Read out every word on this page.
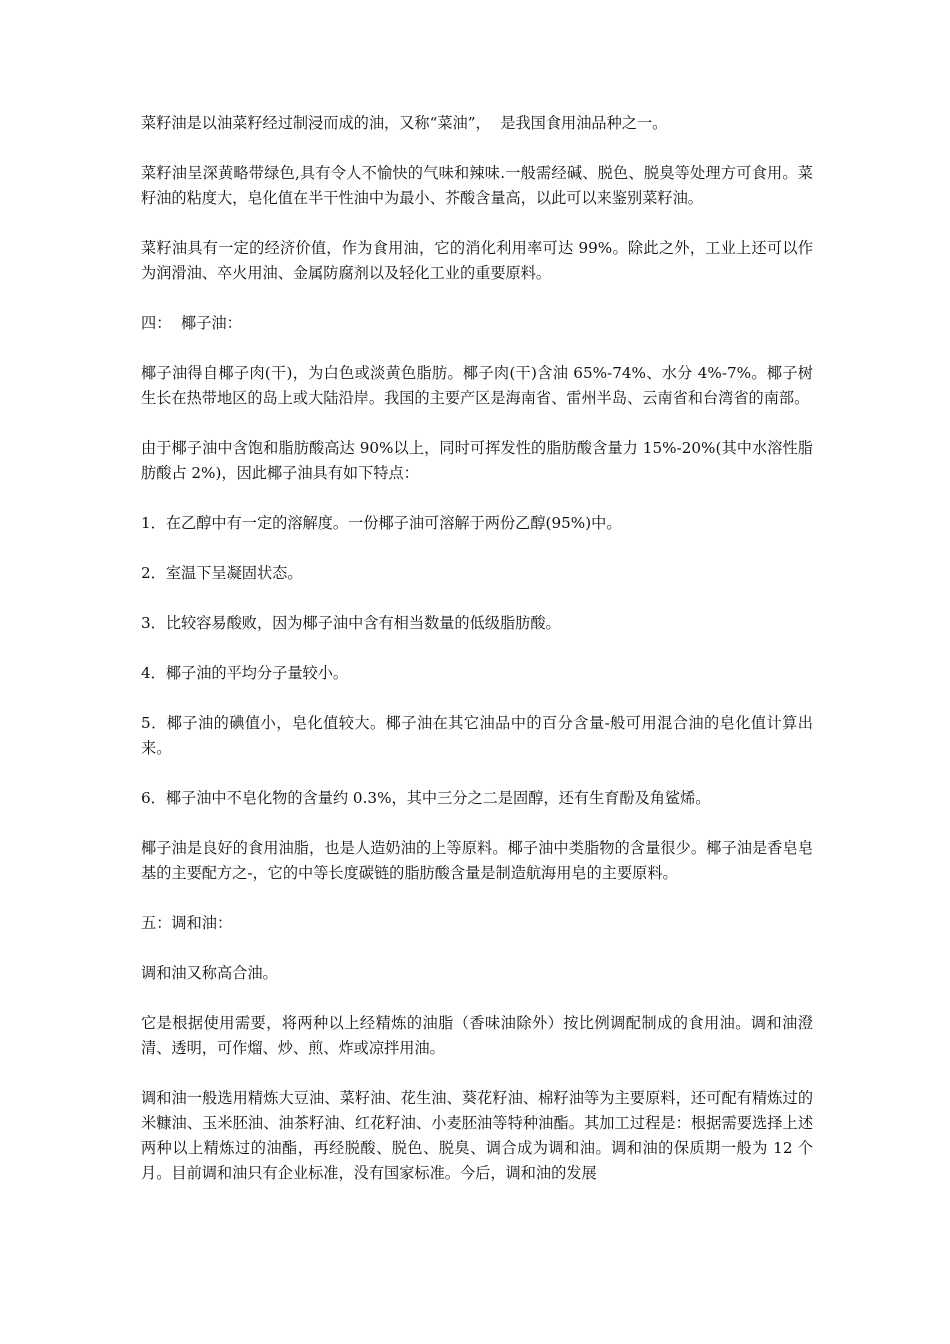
菜籽油是以油菜籽经过制浸而成的油，又称“菜油”，  是我国食用油品种之一。

菜籽油呈深黄略带绿色,具有令人不愉快的气味和辣味.一般需经碱、脱色、脱臭等处理方可食用。菜籽油的粘度大，皂化值在半干性油中为最小、芥酸含量高，以此可以来鉴别菜籽油。

菜籽油具有一定的经济价值，作为食用油，它的消化利用率可达 99%。除此之外，工业上还可以作为润滑油、卒火用油、金属防腐剂以及轻化工业的重要原料。

四：  椰子油：

椰子油得自椰子肉(干)，为白色或淡黄色脂肪。椰子肉(干)含油 65%-74%、水分 4%-7%。椰子树生长在热带地区的岛上或大陆沿岸。我国的主要产区是海南省、雷州半岛、云南省和台湾省的南部。

由于椰子油中含饱和脂肪酸高达 90%以上，同时可挥发性的脂肪酸含量力 15%-20%(其中水溶性脂肪酸占 2%)，因此椰子油具有如下特点：

1．在乙醇中有一定的溶解度。一份椰子油可溶解于两份乙醇(95%)中。

2．室温下呈凝固状态。

3．比较容易酸败，因为椰子油中含有相当数量的低级脂肪酸。

4．椰子油的平均分子量较小。

5．椰子油的碘值小，皂化值较大。椰子油在其它油品中的百分含量-般可用混合油的皂化值计算出来。

6．椰子油中不皂化物的含量约 0.3%，其中三分之二是固醇，还有生育酚及角鲨烯。

椰子油是良好的食用油脂，也是人造奶油的上等原料。椰子油中类脂物的含量很少。椰子油是香皂皂基的主要配方之-，它的中等长度碳链的脂肪酸含量是制造航海用皂的主要原料。

五：调和油：

调和油又称高合油。

它是根据使用需要，将两种以上经精炼的油脂（香味油除外）按比例调配制成的食用油。调和油澄清、透明，可作熘、炒、煎、炸或凉拌用油。

调和油一般选用精炼大豆油、菜籽油、花生油、葵花籽油、棉籽油等为主要原料，还可配有精炼过的米糠油、玉米胚油、油茶籽油、红花籽油、小麦胚油等特种油酯。其加工过程是：根据需要选择上述两种以上精炼过的油酯，再经脱酸、脱色、脱臭、调合成为调和油。调和油的保质期一般为 12 个月。目前调和油只有企业标准，没有国家标准。今后，调和油的发展
